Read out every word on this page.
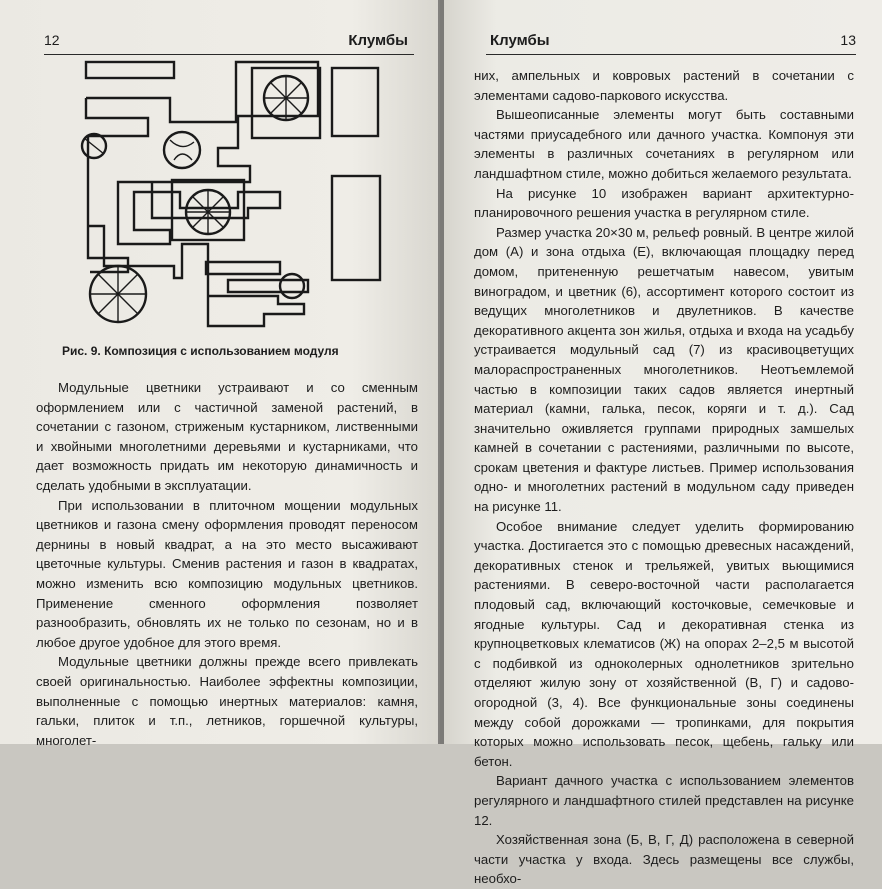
12	Клумбы
Рис. 9. Композиция с использованием модуля

Модульные цветники устраивают и со сменным оформлением или с частичной заменой растений, в сочетании с газоном, стриженым кустарником, лиственными и хвойными многолетними деревьями и кустарниками, что дает возможность придать им некоторую динамичность и сделать удобными в эксплуатации.

При использовании в плиточном мощении модульных цветников и газона смену оформления проводят переносом дернины в новый квадрат, а на это место высаживают цветочные культуры. Сменив растения и газон в квадратах, можно изменить всю композицию модульных цветников. Применение сменного оформления позволяет разнообразить, обновлять их не только по сезонам, но и в любое другое удобное для этого время.

Модульные цветники должны прежде всего привлекать своей оригинальностью. Наиболее эффектны композиции, выполненные с помощью инертных материалов: камня, гальки, плиток и т.п., летников, горшечной культуры, многолет-

Клумбы	13

них, ампельных и ковровых растений в сочетании с элементами садово-паркового искусства.

Вышеописанные элементы могут быть составными частями приусадебного или дачного участка. Компонуя эти элементы в различных сочетаниях в регулярном или ландшафтном стиле, можно добиться желаемого результата.

На рисунке 10 изображен вариант архитектурно-планировочного решения участка в регулярном стиле.

Размер участка 20×30 м, рельеф ровный. В центре жилой дом (А) и зона отдыха (Е), включающая площадку перед домом, притененную решетчатым навесом, увитым виноградом, и цветник (6), ассортимент которого состоит из ведущих многолетников и двулетников. В качестве декоративного акцента зон жилья, отдыха и входа на усадьбу устраивается модульный сад (7) из красивоцветущих малораспространенных многолетников. Неотъемлемой частью в композиции таких садов является инертный материал (камни, галька, песок, коряги и т. д.). Сад значительно оживляется группами природных замшелых камней в сочетании с растениями, различными по высоте, срокам цветения и фактуре листьев. Пример использования одно- и многолетних растений в модульном саду приведен на рисунке 11.

Особое внимание следует уделить формированию участка. Достигается это с помощью древесных насаждений, декоративных стенок и трельяжей, увитых вьющимися растениями. В северо-восточной части располагается плодовый сад, включающий косточковые, семечковые и ягодные культуры. Сад и декоративная стенка из крупноцветковых клематисов (Ж) на опорах 2–2,5 м высотой с подбивкой из одноколерных однолетников зрительно отделяют жилую зону от хозяйственной (В, Г) и садово-огородной (3, 4). Все функциональные зоны соединены между собой дорожками — тропинками, для покрытия которых можно использовать песок, щебень, гальку или бетон.

Вариант дачного участка с использованием элементов регулярного и ландшафтного стилей представлен на рисунке 12.

Хозяйственная зона (Б, В, Г, Д) расположена в северной части участка у входа. Здесь размещены все службы, необхо-
